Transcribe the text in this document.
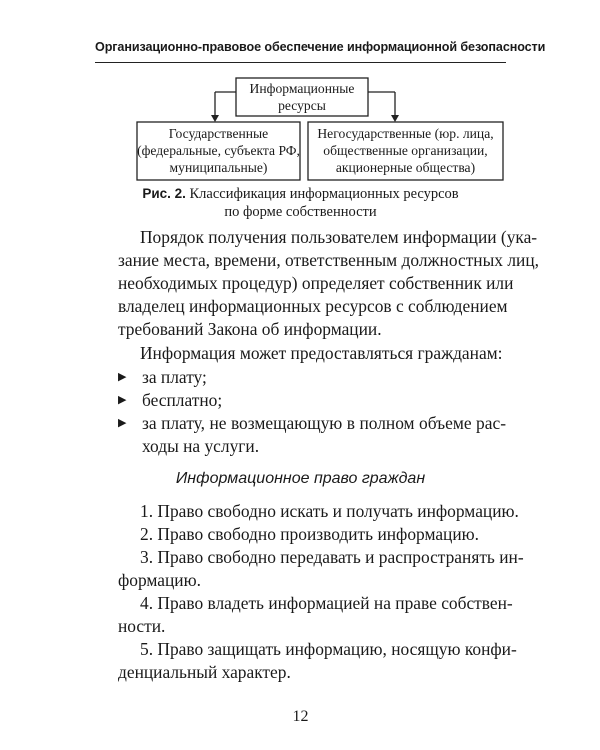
Организационно-правовое обеспечение информационной безопасности
Информационные
ресурсы
Государственные
(федеральные, субъекта РФ,
муниципальные)
Негосударственные (юр. лица,
общественные организации,
акционерные общества)
Рис. 2. Классификация информационных ресурсов
по форме собственности
Порядок получения пользователем информации (ука-
зание места, времени, ответственным должностных лиц,
необходимых процедур) определяет собственник или
владелец информационных ресурсов с соблюдением
требований Закона об информации.
Информация может предоставляться гражданам:
▶ за плату;
▶ бесплатно;
▶ за плату, не возмещающую в полном объеме рас-
ходы на услуги.
Информационное право граждан
1. Право свободно искать и получать информацию.
2. Право свободно производить информацию.
3. Право свободно передавать и распространять ин-
формацию.
4. Право владеть информацией на праве собствен-
ности.
5. Право защищать информацию, носящую конфи-
денциальный характер.
12
